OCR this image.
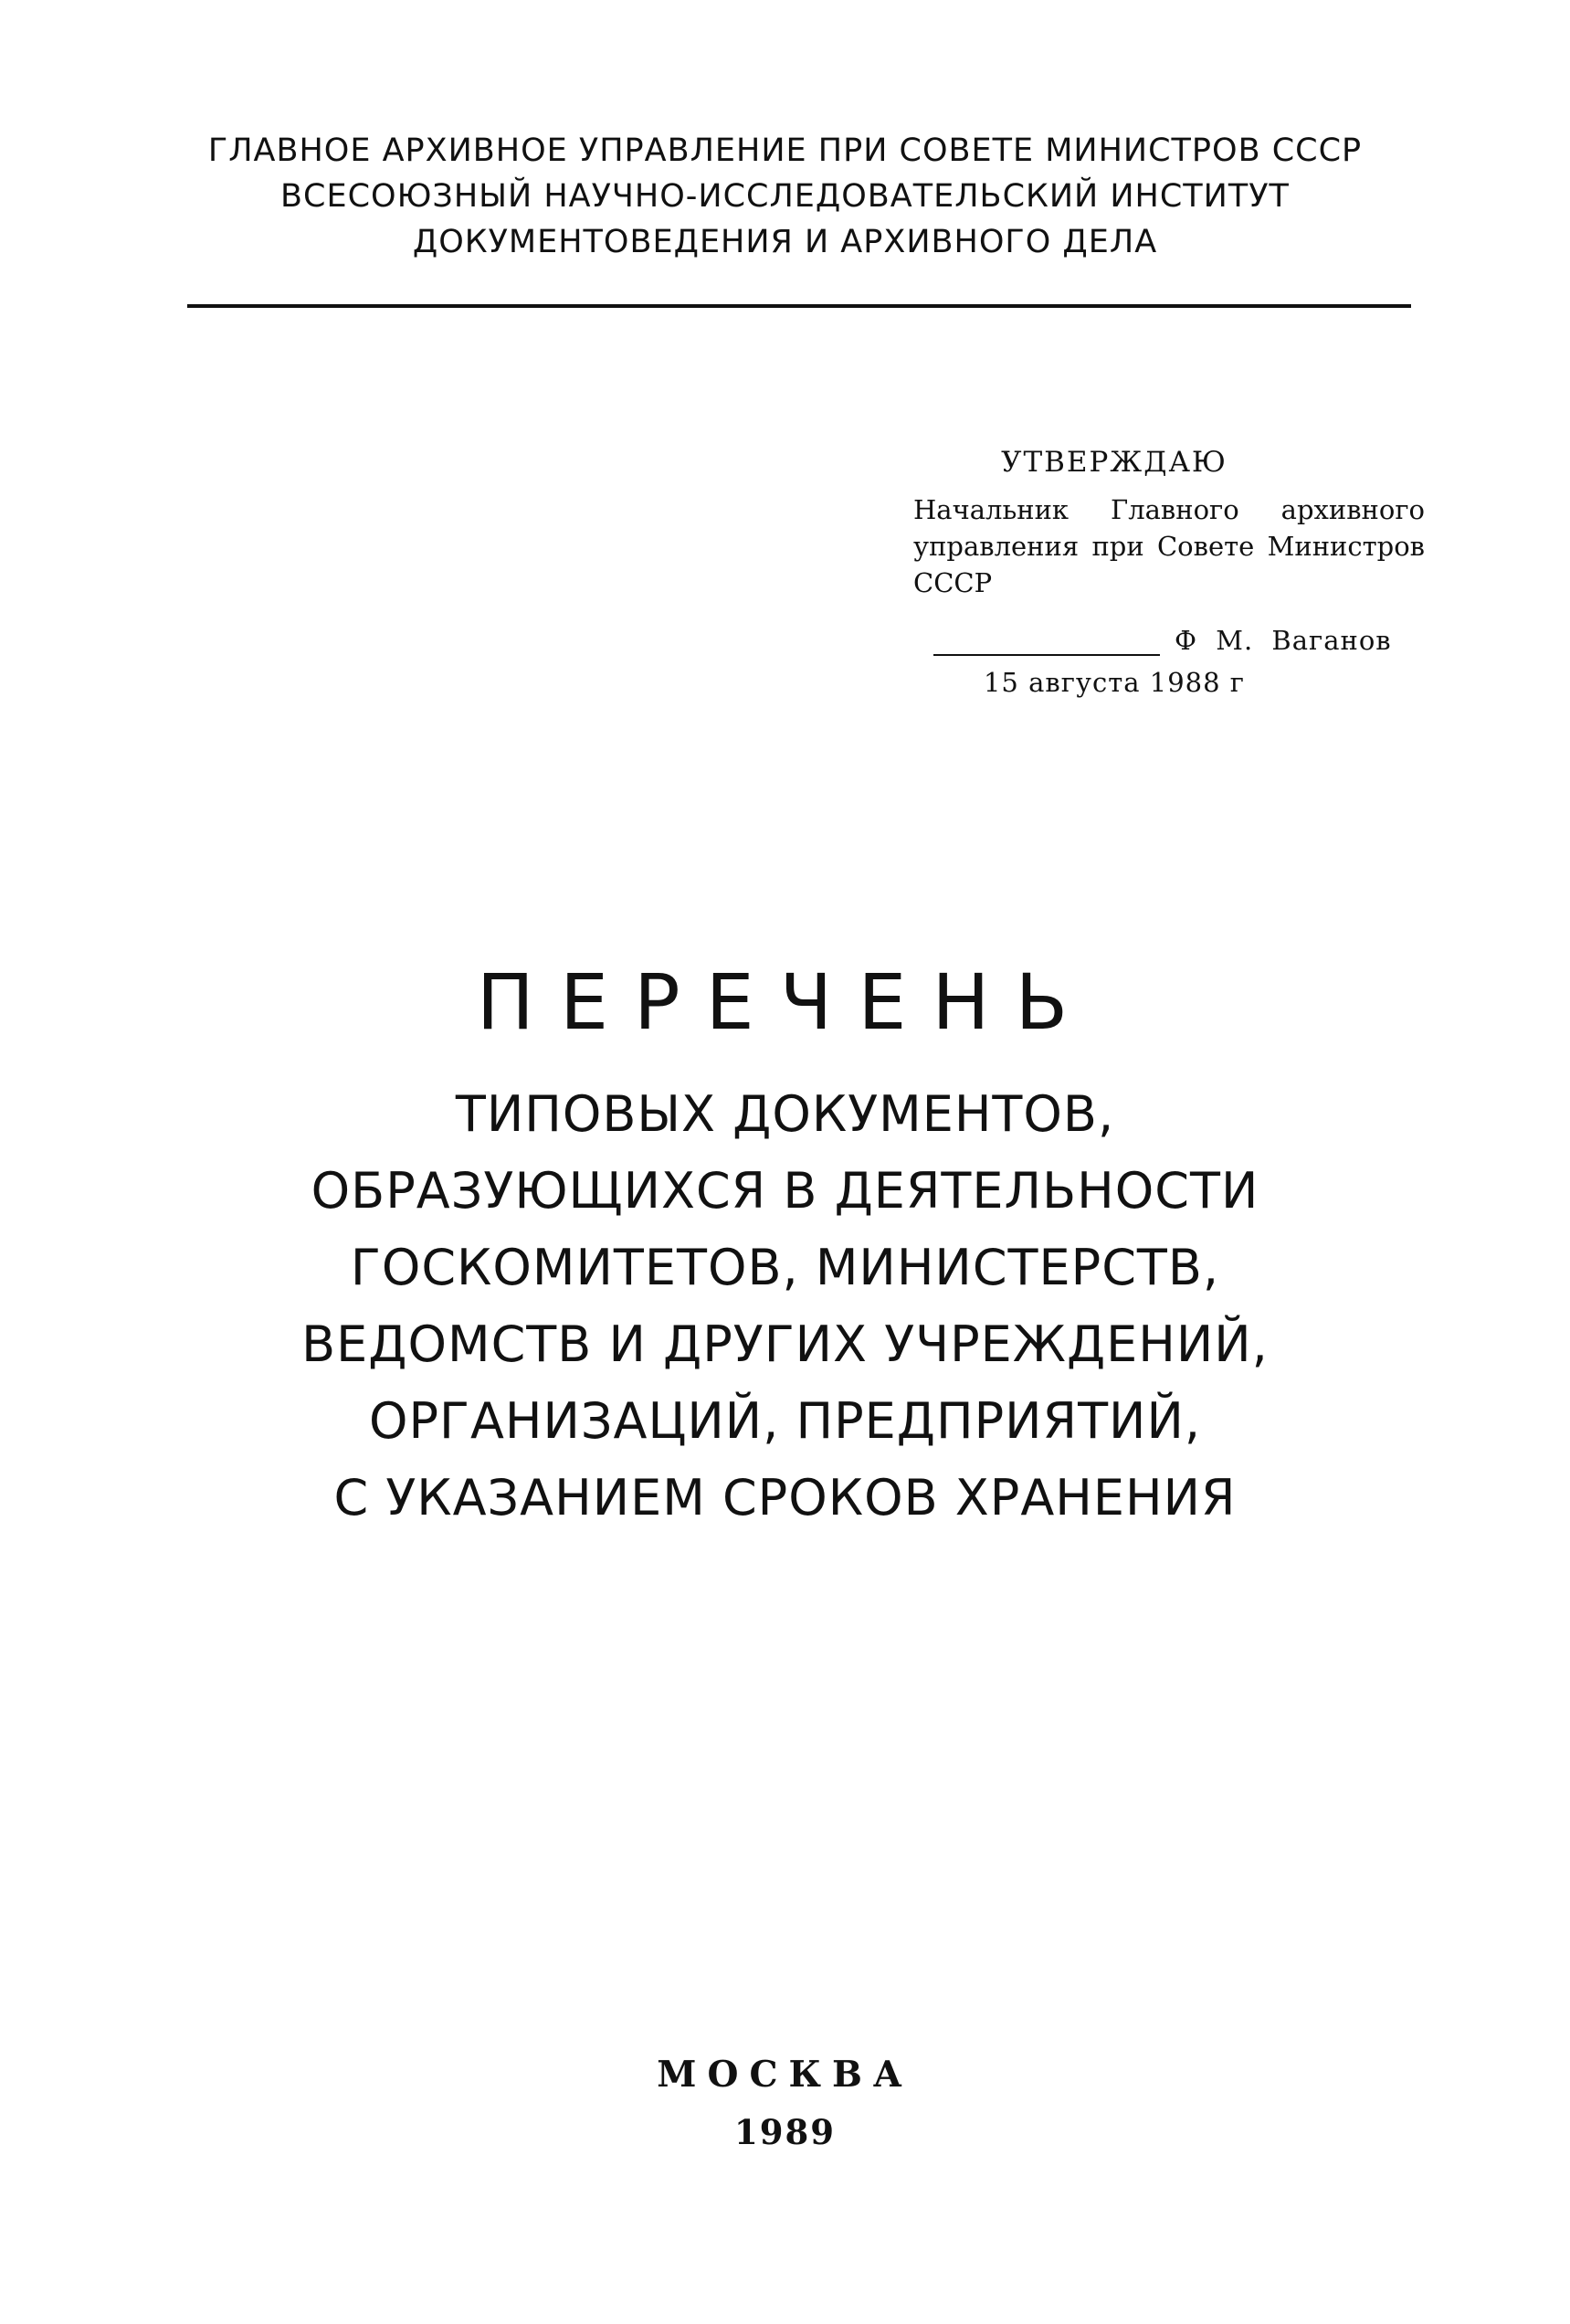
ГЛАВНОЕ АРХИВНОЕ УПРАВЛЕНИЕ ПРИ СОВЕТЕ МИНИСТРОВ СССР
ВСЕСОЮЗНЫЙ НАУЧНО-ИССЛЕДОВАТЕЛЬСКИЙ ИНСТИТУТ
ДОКУМЕНТОВЕДЕНИЯ И АРХИВНОГО ДЕЛА
УТВЕРЖДАЮ
Начальник Главного архивного управления при Совете Министров СССР
Ф М. Ваганов
15 августа 1988 г
ПЕРЕЧЕНЬ
ТИПОВЫХ ДОКУМЕНТОВ,
ОБРАЗУЮЩИХСЯ В ДЕЯТЕЛЬНОСТИ
ГОСКОМИТЕТОВ, МИНИСТЕРСТВ,
ВЕДОМСТВ И ДРУГИХ УЧРЕЖДЕНИЙ,
ОРГАНИЗАЦИЙ, ПРЕДПРИЯТИЙ,
С УКАЗАНИЕМ СРОКОВ ХРАНЕНИЯ
МОСКВА
1989
